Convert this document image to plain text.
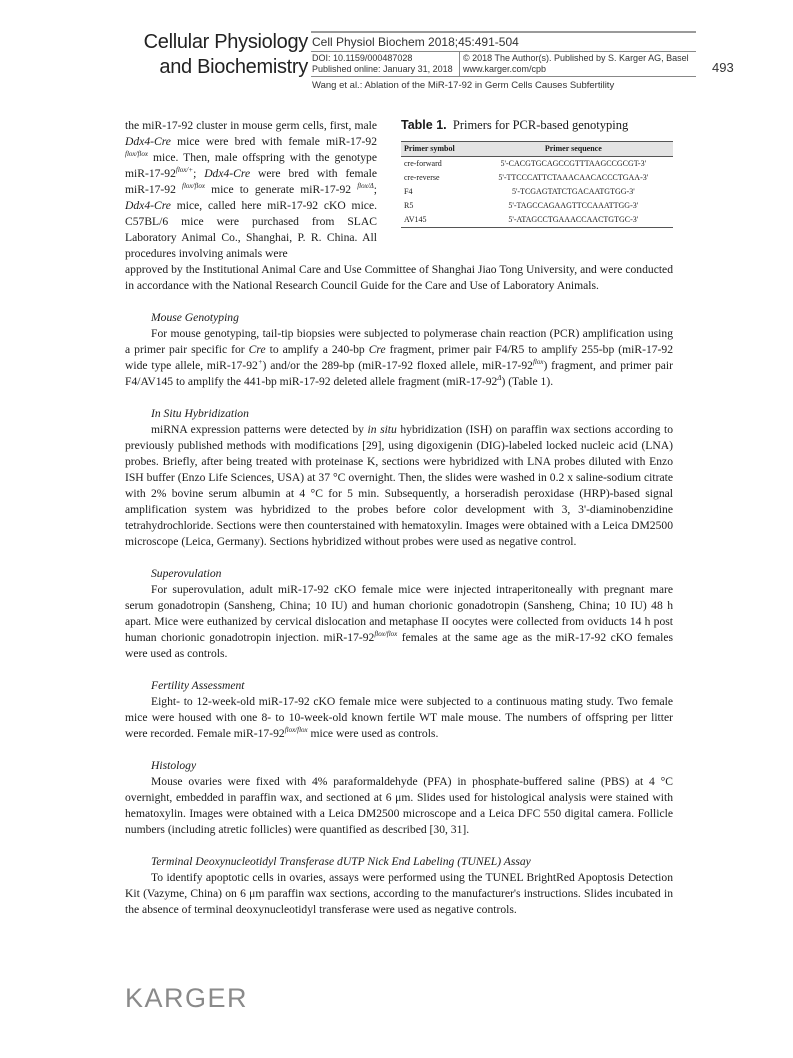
Cellular Physiology
and Biochemistry
Cell Physiol Biochem 2018;45:491-504
DOI: 10.1159/000487028
Published online: January 31, 2018
© 2018 The Author(s). Published by S. Karger AG, Basel
www.karger.com/cpb
Wang et al.: Ablation of the MiR-17-92 in Germ Cells Causes Subfertility
493

the miR-17-92 cluster in mouse germ cells, first, male Ddx4-Cre mice were bred with female miR-17-92 $^{flox/flox}$ mice. Then, male offspring with the genotype miR-$17-92^{flox/+}$; Ddx4-Cre were bred with female miR-17-92 $^{flox/flox}$ mice to generate miR-17-92 $^{flox/\Delta}$; Ddx4-Cre mice, called here miR-17-92 cKO mice. C57BL/6 mice were purchased from SLAC Laboratory Animal Co., Shanghai, P. R. China. All procedures involving animals were

Table 1. Primers for PCR-based genotyping
Primer symbol	Primer sequence
cre-forward	5'-CACGTGCAGCCGTTTAAGCCGCGT-3'
cre-reverse	5'-TTCCCATTCTAAACAACACCCTGAA-3'
F4	5'-TCGAGTATCTGACAATGTGG-3'
R5	5'-TAGCCAGAAGTTCCAAATTGG-3'
AV145	5'-ATAGCCTGAAACCAACTGTGC-3'

approved by the Institutional Animal Care and Use Committee of Shanghai Jiao Tong University, and were conducted in accordance with the National Research Council Guide for the Care and Use of Laboratory Animals.

Mouse Genotyping

For mouse genotyping, tail-tip biopsies were subjected to polymerase chain reaction (PCR) amplification using a primer pair specific for Cre to amplify a 240-bp Cre fragment, primer pair F4/R5 to amplify 255-bp (miR-17-92 wide type allele, miR-17-92+) and/or the 289-bp (miR-17-92 floxed allele, miR-$17-92^{flox}$) fragment, and primer pair F4/AV145 to amplify the 441-bp miR-17-92 deleted allele fragment $(miR-17-92^\Delta)$ (Table 1).

In Situ Hybridization

miRNA expression patterns were detected by in situ hybridization (ISH) on paraffin wax sections according to previously published methods with modifications [29], using digoxigenin (DIG)-labeled locked nucleic acid (LNA) probes. Briefly, after being treated with proteinase K, sections were hybridized with LNA probes diluted with Enzo ISH buffer (Enzo Life Sciences, USA) at 37 °C overnight. Then, the slides were washed in 0.2 x saline-sodium citrate with 2% bovine serum albumin at 4 °C for 5 min. Subsequently, a horseradish peroxidase (HRP)-based signal amplification system was hybridized to the probes before color development with 3, 3'-diaminobenzidine tetrahydrochloride. Sections were then counterstained with hematoxylin. Images were obtained with a Leica DM2500 microscope (Leica, Germany). Sections hybridized without probes were used as negative control.

Superovulation

For superovulation, adult miR-17-92 cKO female mice were injected intraperitoneally with pregnant mare serum gonadotropin (Sansheng, China; 10 IU) and human chorionic gonadotropin (Sansheng, China; 10 IU) 48 h apart. Mice were euthanized by cervical dislocation and metaphase II oocytes were collected from oviducts 14 h post human chorionic gonadotropin injection. miR-$17-92^{flox/flox}$ females at the same age as the miR-17-92 cKO females were used as controls.

Fertility Assessment

Eight- to 12-week-old miR-17-92 cKO female mice were subjected to a continuous mating study. Two female mice were housed with one 8- to 10-week-old known fertile WT male mouse. The numbers of offspring per litter were recorded. Female miR-$17-92^{flox/flox}$ mice were used as controls.

Histology

Mouse ovaries were fixed with 4% paraformaldehyde (PFA) in phosphate-buffered saline (PBS) at 4 °C overnight, embedded in paraffin wax, and sectioned at 6 μm. Slides used for histological analysis were stained with hematoxylin. Images were obtained with a Leica DM2500 microscope and a Leica DFC 550 digital camera. Follicle numbers (including atretic follicles) were quantified as described [30, 31].

Terminal Deoxynucleotidyl Transferase dUTP Nick End Labeling (TUNEL) Assay

To identify apoptotic cells in ovaries, assays were performed using the TUNEL BrightRed Apoptosis Detection Kit (Vazyme, China) on 6 μm paraffin wax sections, according to the manufacturer's instructions. Slides incubated in the absence of terminal deoxynucleotidyl transferase were used as negative controls.

KARGER
